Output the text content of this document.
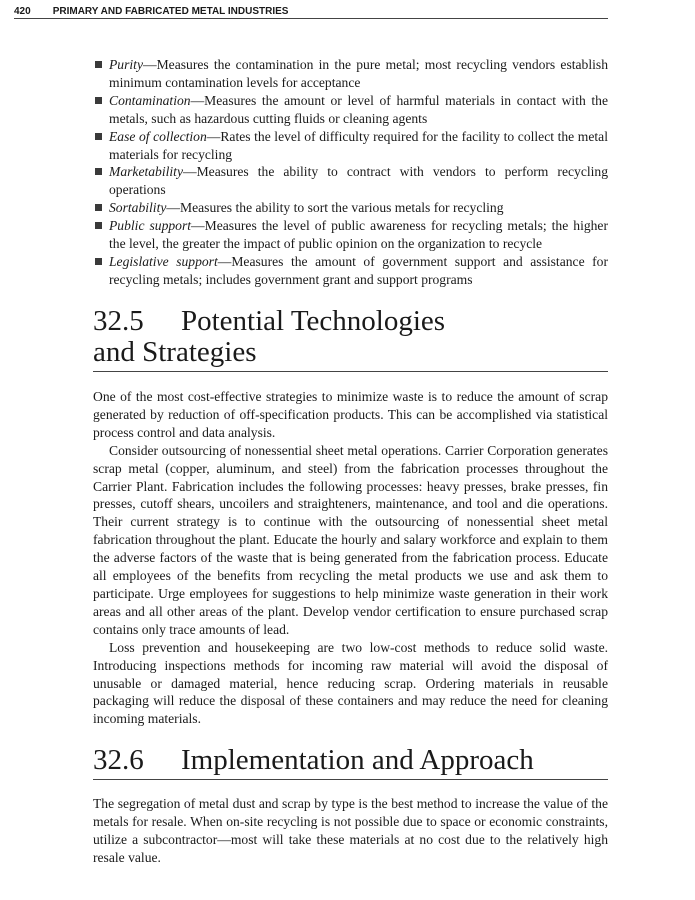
420 PRIMARY AND FABRICATED METAL INDUSTRIES
Purity—Measures the contamination in the pure metal; most recycling vendors establish minimum contamination levels for acceptance
Contamination—Measures the amount or level of harmful materials in contact with the metals, such as hazardous cutting fluids or cleaning agents
Ease of collection—Rates the level of difficulty required for the facility to collect the metal materials for recycling
Marketability—Measures the ability to contract with vendors to perform recycling operations
Sortability—Measures the ability to sort the various metals for recycling
Public support—Measures the level of public awareness for recycling metals; the higher the level, the greater the impact of public opinion on the organization to recycle
Legislative support—Measures the amount of government support and assistance for recycling metals; includes government grant and support programs
32.5 Potential Technologies
and Strategies

One of the most cost-effective strategies to minimize waste is to reduce the amount of scrap generated by reduction of off-specification products. This can be accomplished via statistical process control and data analysis.

Consider outsourcing of nonessential sheet metal operations. Carrier Corporation generates scrap metal (copper, aluminum, and steel) from the fabrication processes throughout the Carrier Plant. Fabrication includes the following processes: heavy presses, brake presses, fin presses, cutoff shears, uncoilers and straighteners, maintenance, and tool and die operations. Their current strategy is to continue with the outsourcing of nonessential sheet metal fabrication throughout the plant. Educate the hourly and salary workforce and explain to them the adverse factors of the waste that is being generated from the fabrication process. Educate all employees of the benefits from recycling the metal products we use and ask them to participate. Urge employees for suggestions to help minimize waste generation in their work areas and all other areas of the plant. Develop vendor certification to ensure purchased scrap contains only trace amounts of lead.

Loss prevention and housekeeping are two low-cost methods to reduce solid waste. Introducing inspections methods for incoming raw material will avoid the disposal of unusable or damaged material, hence reducing scrap. Ordering materials in reusable packaging will reduce the disposal of these containers and may reduce the need for cleaning incoming materials.

32.6 Implementation and Approach

The segregation of metal dust and scrap by type is the best method to increase the value of the metals for resale. When on-site recycling is not possible due to space or economic constraints, utilize a subcontractor—most will take these materials at no cost due to the relatively high resale value.
